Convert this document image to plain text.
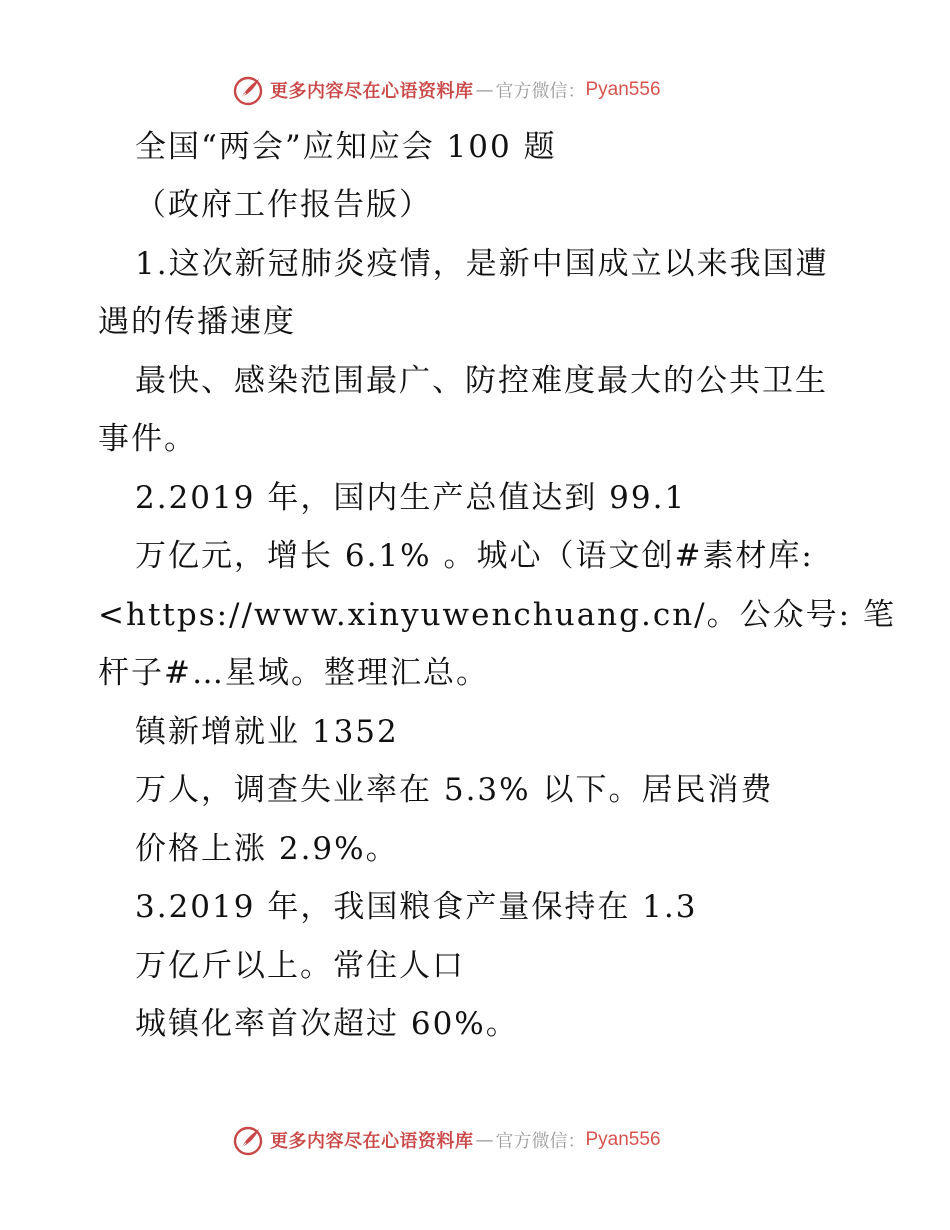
更多内容尽在心语资料库 — 官方微信： Pyan556
全国“两会”应知应会 100 题
（政府工作报告版）
1.这次新冠肺炎疫情，是新中国成立以来我国遭
遇的传播速度
最快、感染范围最广、防控难度最大的公共卫生
事件。
2.2019 年，国内生产总值达到 99.1
万亿元，增长 6.1% 。城心（语文创#素材库:
<https://www.xinyuwenchuang.cn/。公众号: 笔
杆子#…星域。整理汇总。
镇新增就业 1352
万人，调查失业率在 5.3% 以下。居民消费
价格上涨 2.9%。
3.2019 年，我国粮食产量保持在 1.3
万亿斤以上。常住人口
城镇化率首次超过 60%。
更多内容尽在心语资料库 — 官方微信： Pyan556
